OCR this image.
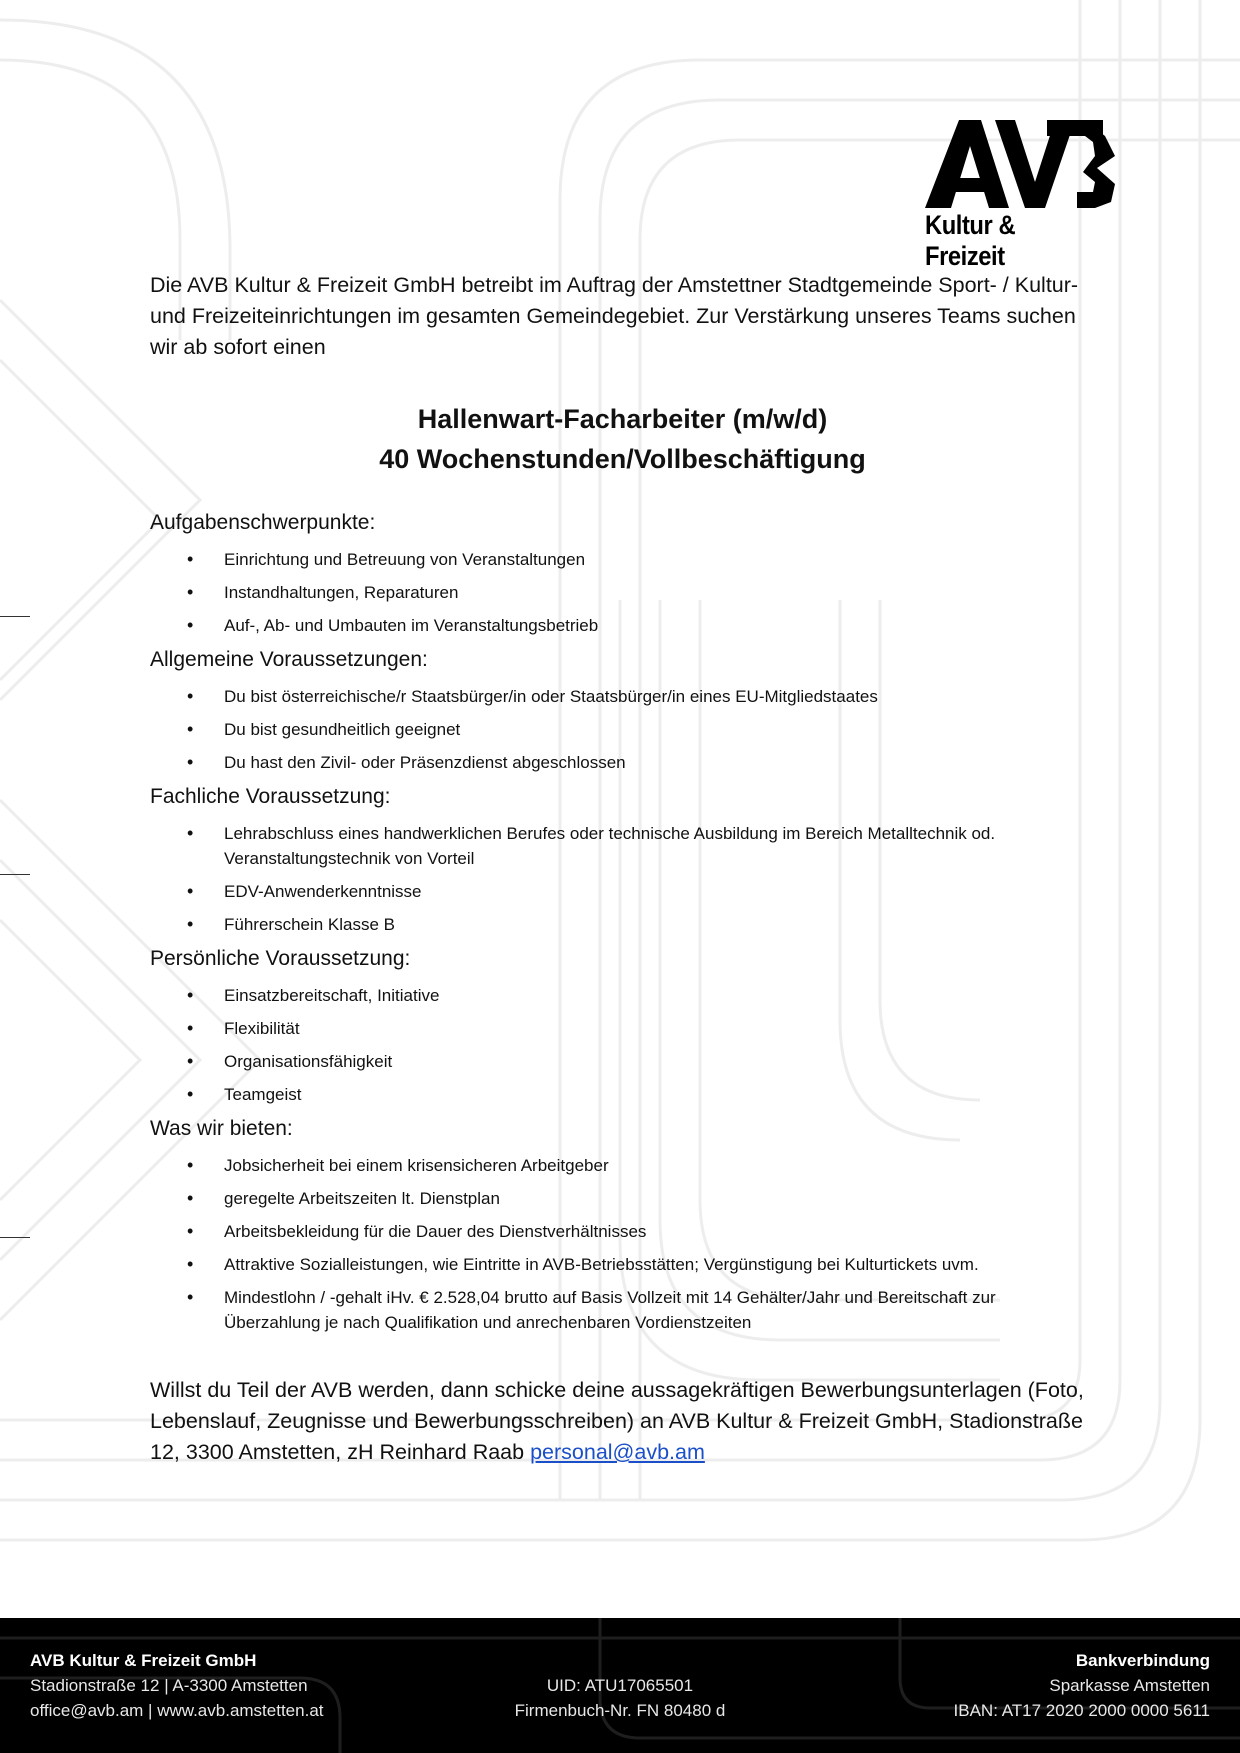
Kultur & Freizeit

Die AVB Kultur & Freizeit GmbH betreibt im Auftrag der Amstettner Stadtgemeinde Sport- / Kultur- und Freizeiteinrichtungen im gesamten Gemeindegebiet. Zur Verstärkung unseres Teams suchen wir ab sofort einen

Hallenwart-Facharbeiter (m/w/d)
40 Wochenstunden/Vollbeschäftigung
Aufgabenschwerpunkte:
• Einrichtung und Betreuung von Veranstaltungen
• Instandhaltungen, Reparaturen
• Auf-, Ab- und Umbauten im Veranstaltungsbetrieb
Allgemeine Voraussetzungen:
• Du bist österreichische/r Staatsbürger/in oder Staatsbürger/in eines EU-Mitgliedstaates
• Du bist gesundheitlich geeignet
• Du hast den Zivil- oder Präsenzdienst abgeschlossen
Fachliche Voraussetzung:
• Lehrabschluss eines handwerklichen Berufes oder technische Ausbildung im Bereich Metalltechnik od. Veranstaltungstechnik von Vorteil
• EDV-Anwenderkenntnisse
• Führerschein Klasse B
Persönliche Voraussetzung:
• Einsatzbereitschaft, Initiative
• Flexibilität
• Organisationsfähigkeit
• Teamgeist
Was wir bieten:
• Jobsicherheit bei einem krisensicheren Arbeitgeber
• geregelte Arbeitszeiten lt. Dienstplan
• Arbeitsbekleidung für die Dauer des Dienstverhältnisses
• Attraktive Sozialleistungen, wie Eintritte in AVB-Betriebsstätten; Vergünstigung bei Kulturtickets uvm.
• Mindestlohn / -gehalt iHv. € 2.528,04 brutto auf Basis Vollzeit mit 14 Gehälter/Jahr und Bereitschaft zur Überzahlung je nach Qualifikation und anrechenbaren Vordienstzeiten
Willst du Teil der AVB werden, dann schicke deine aussagekräftigen Bewerbungsunterlagen (Foto, Lebenslauf, Zeugnisse und Bewerbungsschreiben) an AVB Kultur & Freizeit GmbH, Stadionstraße 12, 3300 Amstetten, zH Reinhard Raab personal@avb.am
AVB Kultur & Freizeit GmbH
Stadionstraße 12 | A-3300 Amstetten
office@avb.am | www.avb.amstetten.at
UID: ATU17065501
Firmenbuch-Nr. FN 80480 d
Bankverbindung
Sparkasse Amstetten
IBAN: AT17 2020 2000 0000 5611
